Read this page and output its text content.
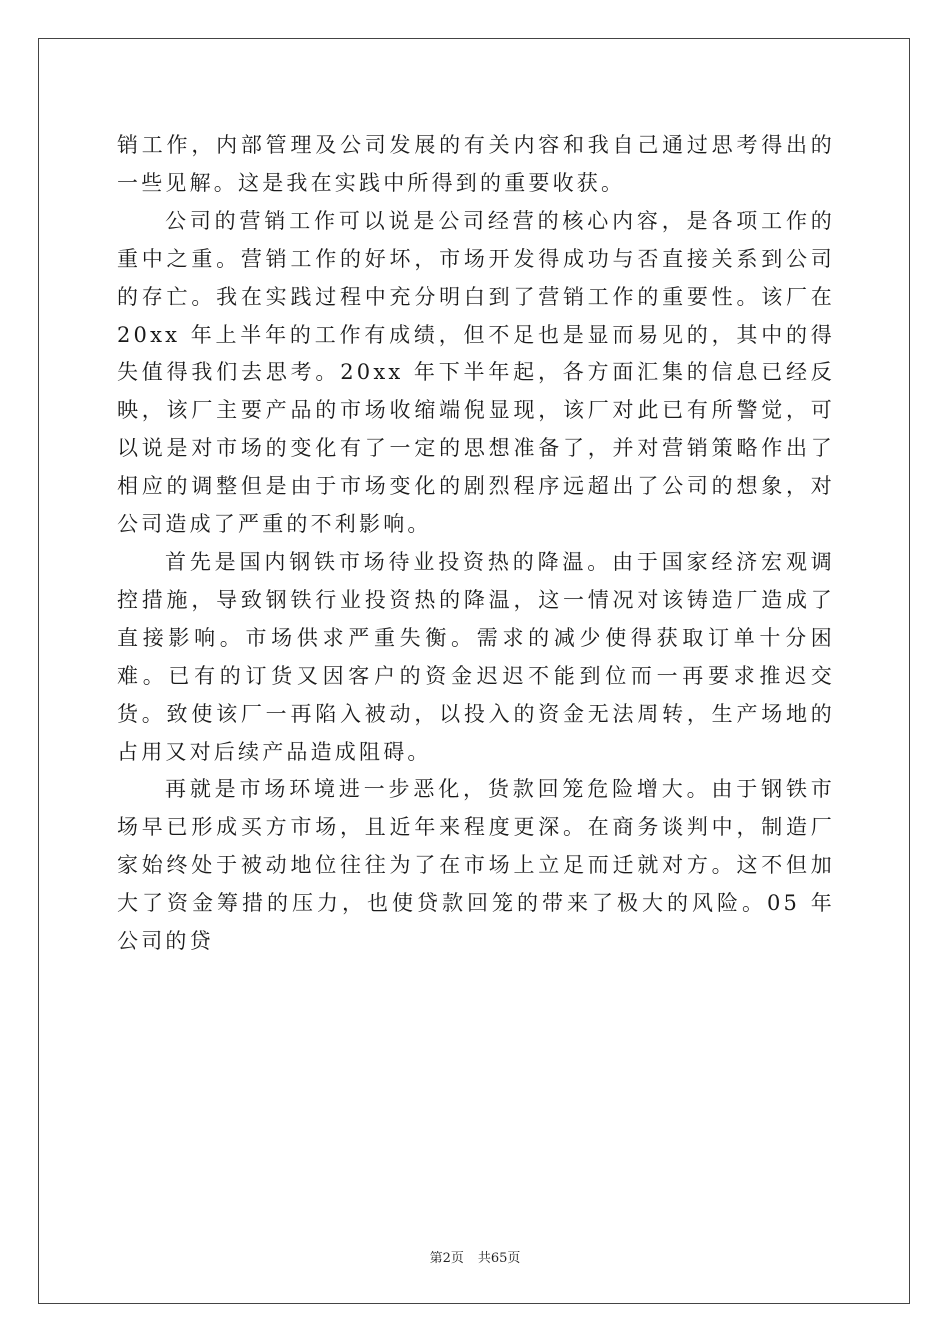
销工作，内部管理及公司发展的有关内容和我自己通过思考得出的一些见解。这是我在实践中所得到的重要收获。

公司的营销工作可以说是公司经营的核心内容，是各项工作的重中之重。营销工作的好坏，市场开发得成功与否直接关系到公司的存亡。我在实践过程中充分明白到了营销工作的重要性。该厂在 20xx 年上半年的工作有成绩，但不足也是显而易见的，其中的得失值得我们去思考。20xx 年下半年起，各方面汇集的信息已经反映，该厂主要产品的市场收缩端倪显现，该厂对此已有所警觉，可以说是对市场的变化有了一定的思想准备了，并对营销策略作出了相应的调整但是由于市场变化的剧烈程序远超出了公司的想象，对公司造成了严重的不利影响。

首先是国内钢铁市场待业投资热的降温。由于国家经济宏观调控措施，导致钢铁行业投资热的降温，这一情况对该铸造厂造成了直接影响。市场供求严重失衡。需求的减少使得获取订单十分困难。已有的订货又因客户的资金迟迟不能到位而一再要求推迟交货。致使该厂一再陷入被动，以投入的资金无法周转，生产场地的占用又对后续产品造成阻碍。

再就是市场环境进一步恶化，货款回笼危险增大。由于钢铁市场早已形成买方市场，且近年来程度更深。在商务谈判中，制造厂家始终处于被动地位往往为了在市场上立足而迁就对方。这不但加大了资金筹措的压力，也使贷款回笼的带来了极大的风险。05 年公司的贷

第2页 共65页
